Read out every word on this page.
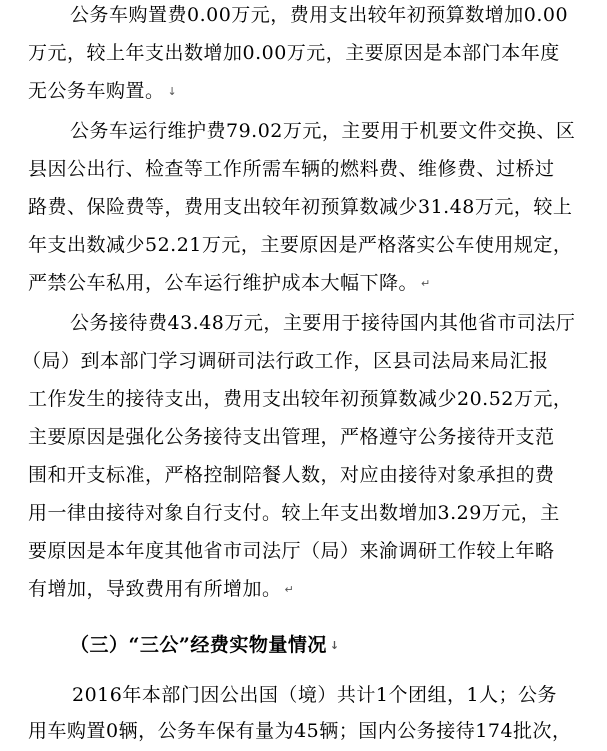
公务车购置费0.00万元，费用支出较年初预算数增加0.00
万元，较上年支出数增加0.00万元，主要原因是本部门本年度
无公务车购置。 ↓
公务车运行维护费79.02万元，主要用于机要文件交换、区
县因公出行、检查等工作所需车辆的燃料费、维修费、过桥过
路费、保险费等，费用支出较年初预算数减少31.48万元，较上
年支出数减少52.21万元，主要原因是严格落实公车使用规定，
严禁公车私用，公车运行维护成本大幅下降。 ↵
公务接待费43.48万元，主要用于接待国内其他省市司法厅
（局）到本部门学习调研司法行政工作，区县司法局来局汇报
工作发生的接待支出，费用支出较年初预算数减少20.52万元，
主要原因是强化公务接待支出管理，严格遵守公务接待开支范
围和开支标准，严格控制陪餐人数，对应由接待对象承担的费
用一律由接待对象自行支付。较上年支出数增加3.29万元，主
要原因是本年度其他省市司法厅（局）来渝调研工作较上年略
有增加，导致费用有所增加。 ↵
（三）“三公”经费实物量情况 ↓
2016年本部门因公出国（境）共计1个团组，1人；公务
用车购置0辆，公务车保有量为45辆；国内公务接待174批次，
